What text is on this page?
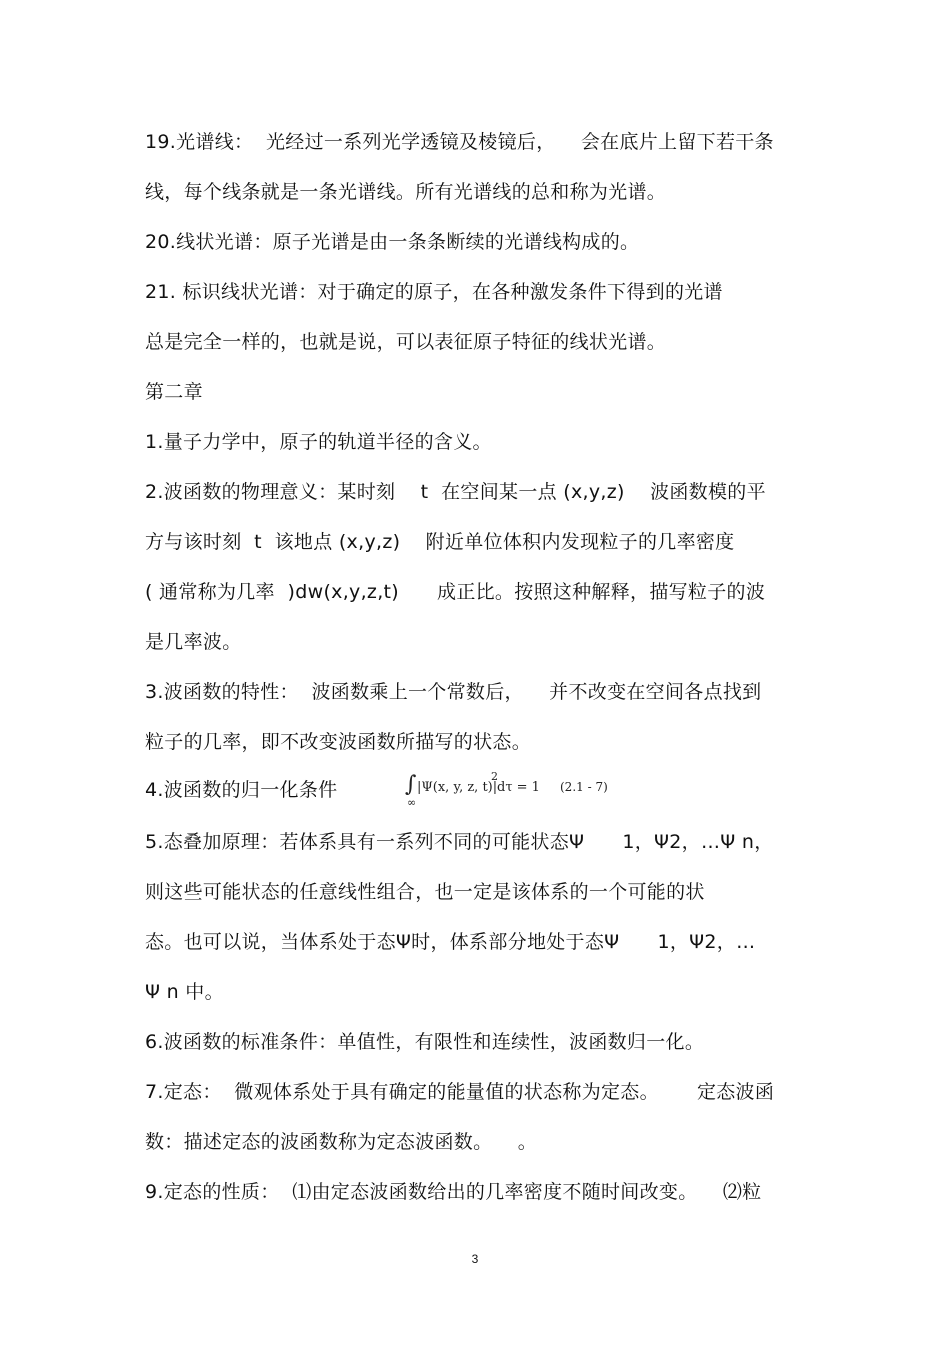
19.光谱线：  光经过一系列光学透镜及棱镜后，    会在底片上留下若干条

线，每个线条就是一条光谱线。所有光谱线的总和称为光谱。

20.线状光谱：原子光谱是由一条条断续的光谱线构成的。

21. 标识线状光谱：对于确定的原子，在各种激发条件下得到的光谱

总是完全一样的，也就是说，可以表征原子特征的线状光谱。

第二章

1.量子力学中，原子的轨道半径的含义。

2.波函数的物理意义：某时刻    t  在空间某一点 (x,y,z)    波函数模的平

方与该时刻  t  该地点 (x,y,z)    附近单位体积内发现粒子的几率密度

( 通常称为几率  )dw(x,y,z,t)      成正比。按照这种解释，描写粒子的波

是几率波。

3.波函数的特性：  波函数乘上一个常数后，    并不改变在空间各点找到

粒子的几率，即不改变波函数所描写的状态。

4.波函数的归一化条件	∫
∞
|Ψ(x, y, z, t)|
2
dτ = 1 (2.1 - 7)

5.态叠加原理：若体系具有一系列不同的可能状态Ψ      1，Ψ2，…Ψ n，

则这些可能状态的任意线性组合，也一定是该体系的一个可能的状

态。也可以说，当体系处于态Ψ时，体系部分地处于态Ψ      1，Ψ2，…

Ψ n 中。

6.波函数的标准条件：单值性，有限性和连续性，波函数归一化。

7.定态：  微观体系处于具有确定的能量值的状态称为定态。      定态波函

数：描述定态的波函数称为定态波函数。    。

9.定态的性质：  ⑴由定态波函数给出的几率密度不随时间改变。    ⑵粒

3
